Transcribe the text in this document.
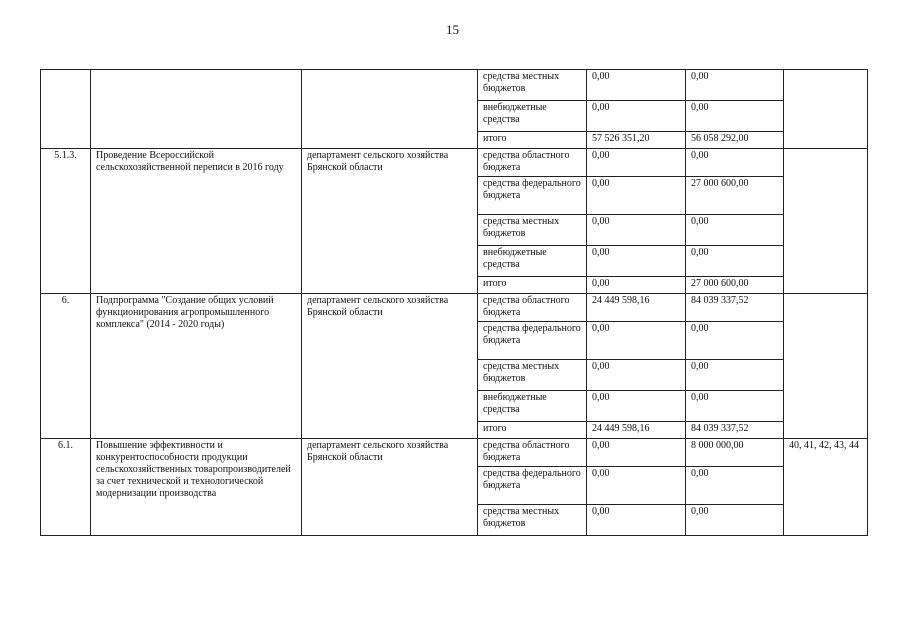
15
			средства местных бюджетов	0,00	0,00	
			внебюджетные средства	0,00	0,00	
			итого	57 526 351,20	56 058 292,00	
5.1.3.	Проведение Всероссийской сельскохозяйственной переписи в 2016 году	департамент сельского хозяйства Брянской области	средства областного бюджета	0,00	0,00	
			средства федерального бюджета	0,00	27 000 600,00	
			средства местных бюджетов	0,00	0,00	
			внебюджетные средства	0,00	0,00	
			итого	0,00	27 000 600,00	
6.	Подпрограмма "Создание общих условий функционирования агропромышленного комплекса" (2014 - 2020 годы)	департамент сельского хозяйства Брянской области	средства областного бюджета	24 449 598,16	84 039 337,52	
			средства федерального бюджета	0,00	0,00	
			средства местных бюджетов	0,00	0,00	
			внебюджетные средства	0,00	0,00	
			итого	24 449 598,16	84 039 337,52	
6.1.	Повышение эффективности и конкурентоспособности продукции сельскохозяйственных товаропроизводителей за счет технической и технологической модернизации производства	департамент сельского хозяйства Брянской области	средства областного бюджета	0,00	8 000 000,00	40, 41, 42, 43, 44
			средства федерального бюджета	0,00	0,00	
			средства местных бюджетов	0,00	0,00	
